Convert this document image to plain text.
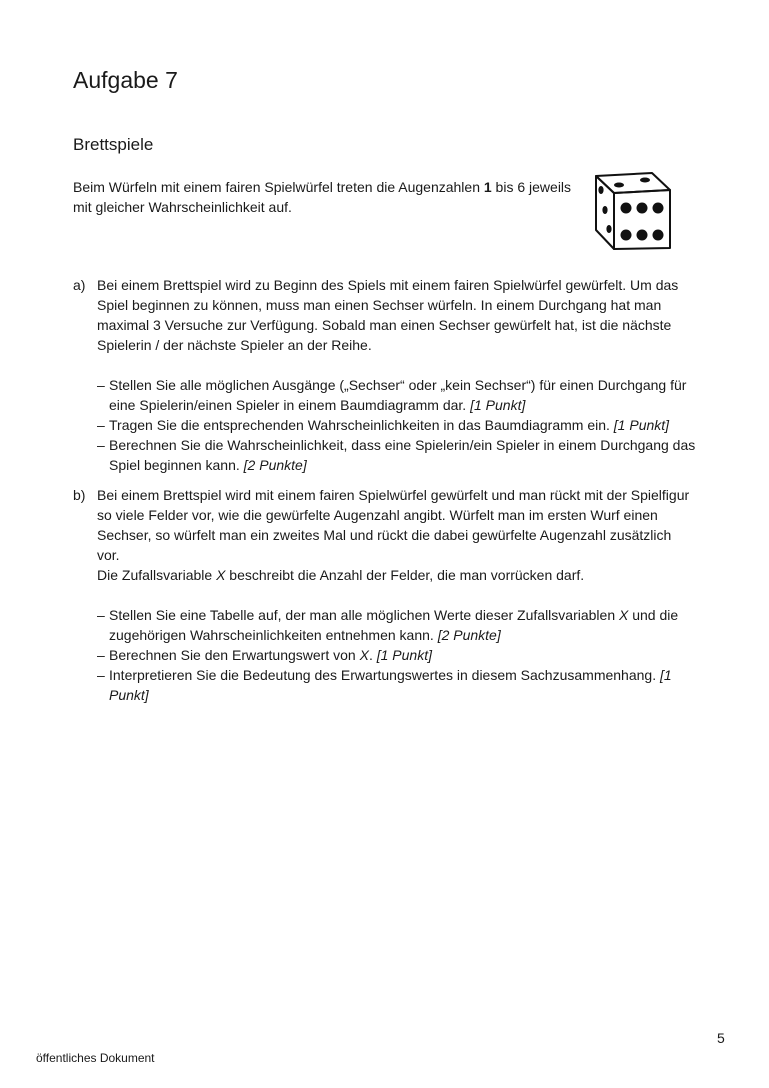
Aufgabe 7
Brettspiele

Beim Würfeln mit einem fairen Spielwürfel treten die Augenzahlen 1 bis 6 jeweils mit gleicher Wahrscheinlichkeit auf.

a) Bei einem Brettspiel wird zu Beginn des Spiels mit einem fairen Spielwürfel gewürfelt. Um das Spiel beginnen zu können, muss man einen Sechser würfeln. In einem Durchgang hat man maximal 3 Versuche zur Verfügung. Sobald man einen Sechser gewürfelt hat, ist die nächste Spielerin / der nächste Spieler an der Reihe.

– Stellen Sie alle möglichen Ausgänge („Sechser“ oder „kein Sechser“) für einen Durchgang für eine Spielerin/einen Spieler in einem Baumdiagramm dar. [1 Punkt]
– Tragen Sie die entsprechenden Wahrscheinlichkeiten in das Baumdiagramm ein. [1 Punkt]
– Berechnen Sie die Wahrscheinlichkeit, dass eine Spielerin/ein Spieler in einem Durchgang das Spiel beginnen kann. [2 Punkte]
b) Bei einem Brettspiel wird mit einem fairen Spielwürfel gewürfelt und man rückt mit der Spielfigur so viele Felder vor, wie die gewürfelte Augenzahl angibt. Würfelt man im ersten Wurf einen Sechser, so würfelt man ein zweites Mal und rückt die dabei gewürfelte Augenzahl zusätzlich vor.

Die Zufallsvariable X beschreibt die Anzahl der Felder, die man vorrücken darf.

– Stellen Sie eine Tabelle auf, der man alle möglichen Werte dieser Zufallsvariablen X und die zugehörigen Wahrscheinlichkeiten entnehmen kann. [2 Punkte]
– Berechnen Sie den Erwartungswert von X. [1 Punkt]
– Interpretieren Sie die Bedeutung des Erwartungswertes in diesem Sachzusammenhang. [1 Punkt]
5
öffentliches Dokument
